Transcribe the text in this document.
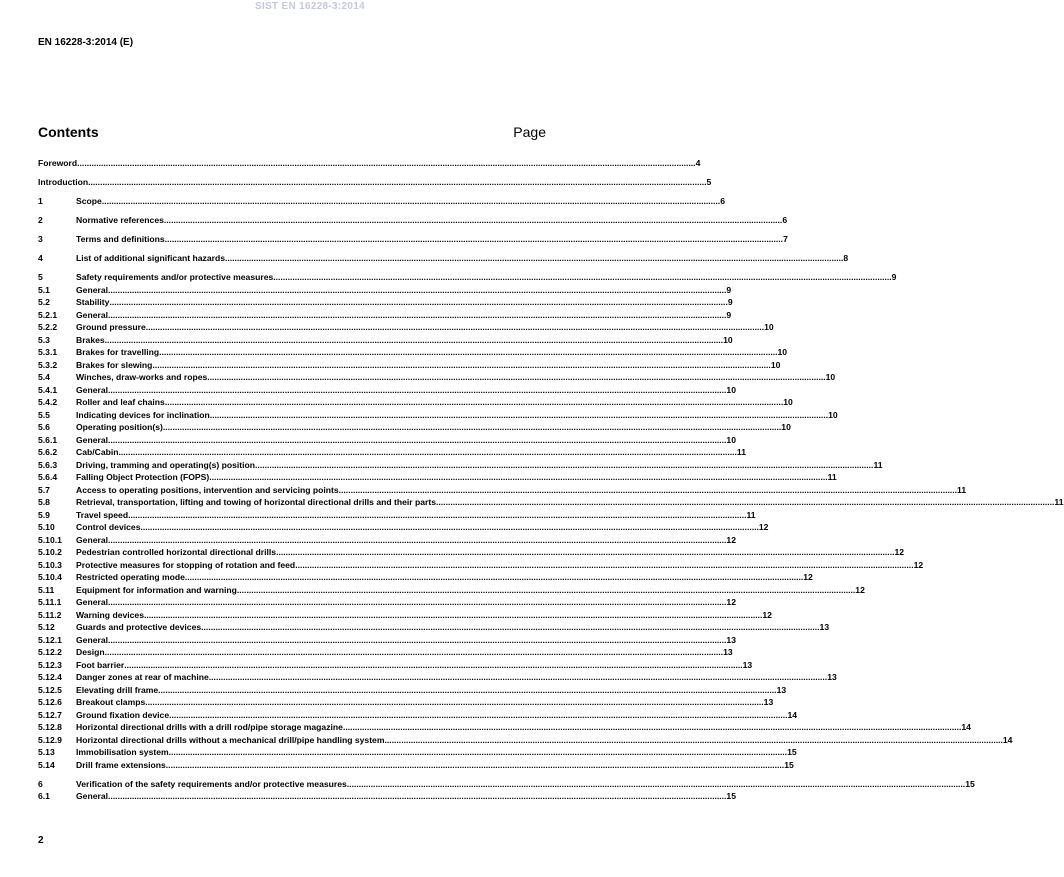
SIST EN 16228-3:2014
EN 16228-3:2014 (E)
Contents	Page
Foreword .....	4
Introduction .....	5
1	Scope .....	6
2	Normative references .....	6
3	Terms and definitions .....	7
4	List of additional significant hazards .....	8
5	Safety requirements and/or protective measures .....	9
5.1	General .....	9
5.2	Stability .....	9
5.2.1	General .....	9
5.2.2	Ground pressure .....	10
5.3	Brakes .....	10
5.3.1	Brakes for travelling .....	10
5.3.2	Brakes for slewing .....	10
5.4	Winches, draw-works and ropes .....	10
5.4.1	General .....	10
5.4.2	Roller and leaf chains .....	10
5.5	Indicating devices for inclination .....	10
5.6	Operating position(s) .....	10
5.6.1	General .....	10
5.6.2	Cab/Cabin .....	11
5.6.3	Driving, tramming and operating(s) position .....	11
5.6.4	Falling Object Protection (FOPS) .....	11
5.7	Access to operating positions, intervention and servicing points .....	11
5.8	Retrieval, transportation, lifting and towing of horizontal directional drills and their parts .....	11
5.9	Travel speed .....	11
5.10	Control devices .....	12
5.10.1	General .....	12
5.10.2	Pedestrian controlled horizontal directional drills .....	12
5.10.3	Protective measures for stopping of rotation and feed .....	12
5.10.4	Restricted operating mode .....	12
5.11	Equipment for information and warning .....	12
5.11.1	General .....	12
5.11.2	Warning devices .....	12
5.12	Guards and protective devices .....	13
5.12.1	General .....	13
5.12.2	Design .....	13
5.12.3	Foot barrier .....	13
5.12.4	Danger zones at rear of machine .....	13
5.12.5	Elevating drill frame .....	13
5.12.6	Breakout clamps .....	13
5.12.7	Ground fixation device .....	14
5.12.8	Horizontal directional drills with a drill rod/pipe storage magazine .....	14
5.12.9	Horizontal directional drills without a mechanical drill/pipe handling system .....	14
5.13	Immobilisation system .....	15
5.14	Drill frame extensions .....	15
6	Verification of the safety requirements and/or protective measures .....	15
6.1	General .....	15
2
